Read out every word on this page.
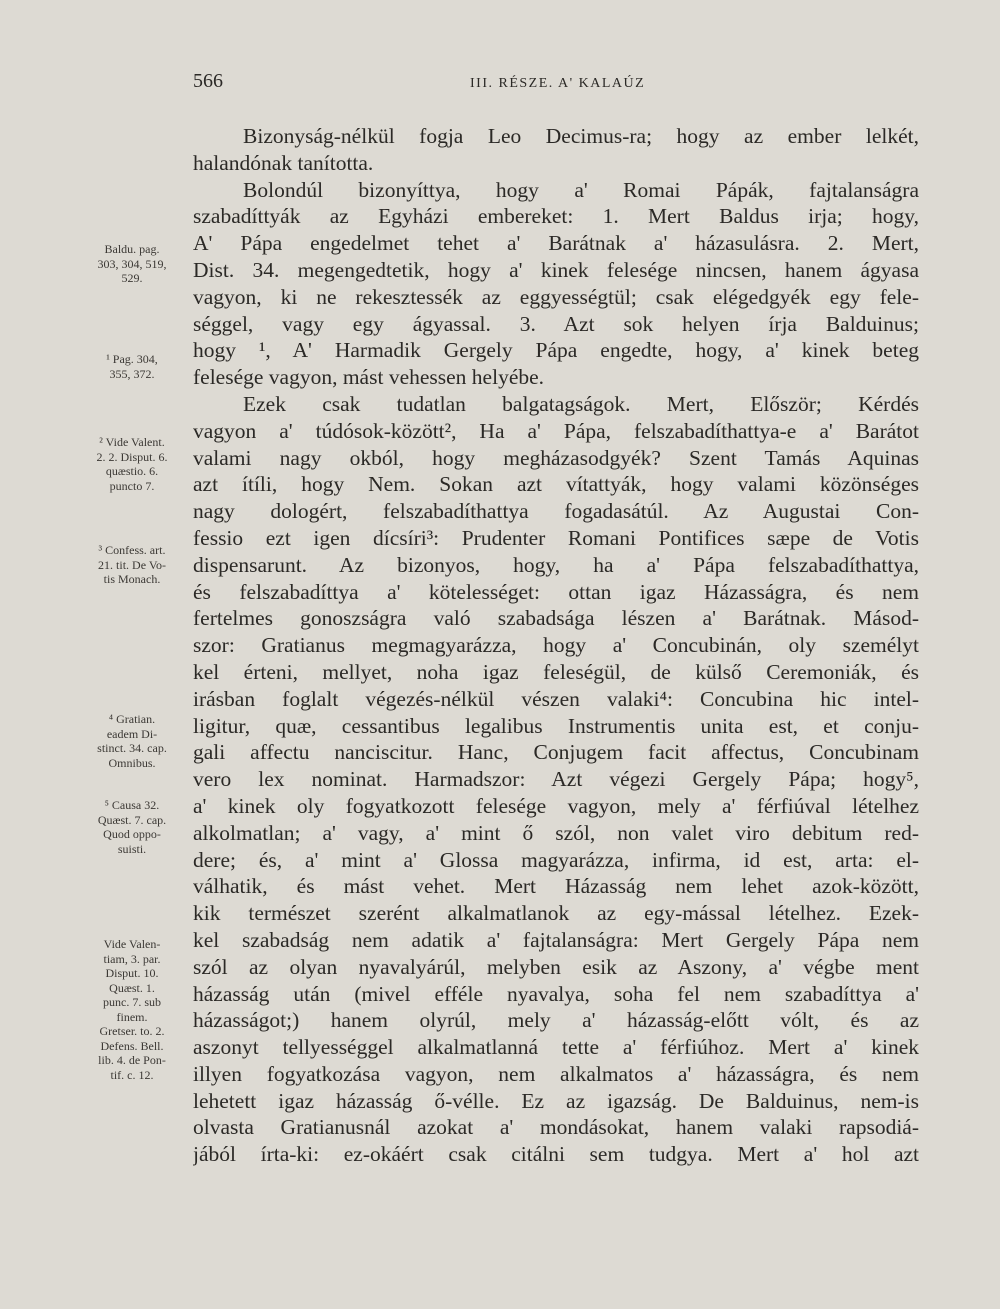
566	III. RÉSZE. A' KALAÚZ
Bizonyság-nélkül fogja Leo Decimus-ra; hogy az ember lelkét,
halandónak tanította.
Bolondúl bizonyíttya, hogy a' Romai Pápák, fajtalanságra
szabadíttyák az Egyházi embereket: 1. Mert Baldus irja; hogy,
A' Pápa engedelmet tehet a' Barátnak a' házasulásra. 2. Mert,
Dist. 34. megengedtetik, hogy a' kinek felesége nincsen, hanem ágyasa
vagyon, ki ne rekesztessék az eggyességtül; csak elégedgyék egy fele-
séggel, vagy egy ágyassal. 3. Azt sok helyen írja Balduinus;
hogy ¹, A' Harmadik Gergely Pápa engedte, hogy, a' kinek beteg
felesége vagyon, mást vehessen helyébe.
Ezek csak tudatlan balgatagságok. Mert, Először; Kérdés
vagyon a' túdósok-között², Ha a' Pápa, felszabadíthattya-e a' Barátot
valami nagy okból, hogy megházasodgyék? Szent Tamás Aquinas
azt ítíli, hogy Nem. Sokan azt vítattyák, hogy valami közönséges
nagy dologért, felszabadíthattya fogadasátúl. Az Augustai Con-
fessio ezt igen dícsíri³: Prudenter Romani Pontifices sæpe de Votis
dispensarunt. Az bizonyos, hogy, ha a' Pápa felszabadíthattya,
és felszabadíttya a' kötelességet: ottan igaz Házasságra, és nem
fertelmes gonoszságra való szabadsága lészen a' Barátnak. Másod-
szor: Gratianus megmagyarázza, hogy a' Concubinán, oly személyt
kel érteni, mellyet, noha igaz feleségül, de külső Ceremoniák, és
irásban foglalt végezés-nélkül vészen valaki⁴: Concubina hic intel-
ligitur, quæ, cessantibus legalibus Instrumentis unita est, et conju-
gali affectu nanciscitur. Hanc, Conjugem facit affectus, Concubinam
vero lex nominat. Harmadszor: Azt végezi Gergely Pápa; hogy⁵,
a' kinek oly fogyatkozott felesége vagyon, mely a' férfiúval lételhez
alkolmatlan; a' vagy, a' mint ő szól, non valet viro debitum red-
dere; és, a' mint a' Glossa magyarázza, infirma, id est, arta: el-
válhatik, és mást vehet. Mert Házasság nem lehet azok-között,
kik természet szerént alkalmatlanok az egy-mással lételhez. Ezek-
kel szabadság nem adatik a' fajtalanságra: Mert Gergely Pápa nem
szól az olyan nyavalyárúl, melyben esik az Aszony, a' végbe ment
házasság után (mivel efféle nyavalya, soha fel nem szabadíttya a'
házasságot;) hanem olyrúl, mely a' házasság-előtt vólt, és az
aszonyt tellyességgel alkalmatlanná tette a' férfiúhoz. Mert a' kinek
illyen fogyatkozása vagyon, nem alkalmatos a' házasságra, és nem
lehetett igaz házasság ő-vélle. Ez az igazság. De Balduinus, nem-is
olvasta Gratianusnál azokat a' mondásokat, hanem valaki rapsodiá-
jából írta-ki: ez-okáért csak citálni sem tudgya. Mert a' hol azt
Baldu. pag.
303, 304, 519,
529.
¹ Pag. 304,
355, 372.
² Vide Valent.
2. 2. Disput. 6.
quæstio. 6.
puncto 7.
³ Confess. art.
21. tit. De Vo-
tis Monach.
⁴ Gratian.
eadem Di-
stinct. 34. cap.
Omnibus.
⁵ Causa 32.
Quæst. 7. cap.
Quod oppo-
suisti.
Vide Valen-
tiam, 3. par.
Disput. 10.
Quæst. 1.
punc. 7. sub
finem.
Gretser. to. 2.
Defens. Bell.
lib. 4. de Pon-
tif. c. 12.
